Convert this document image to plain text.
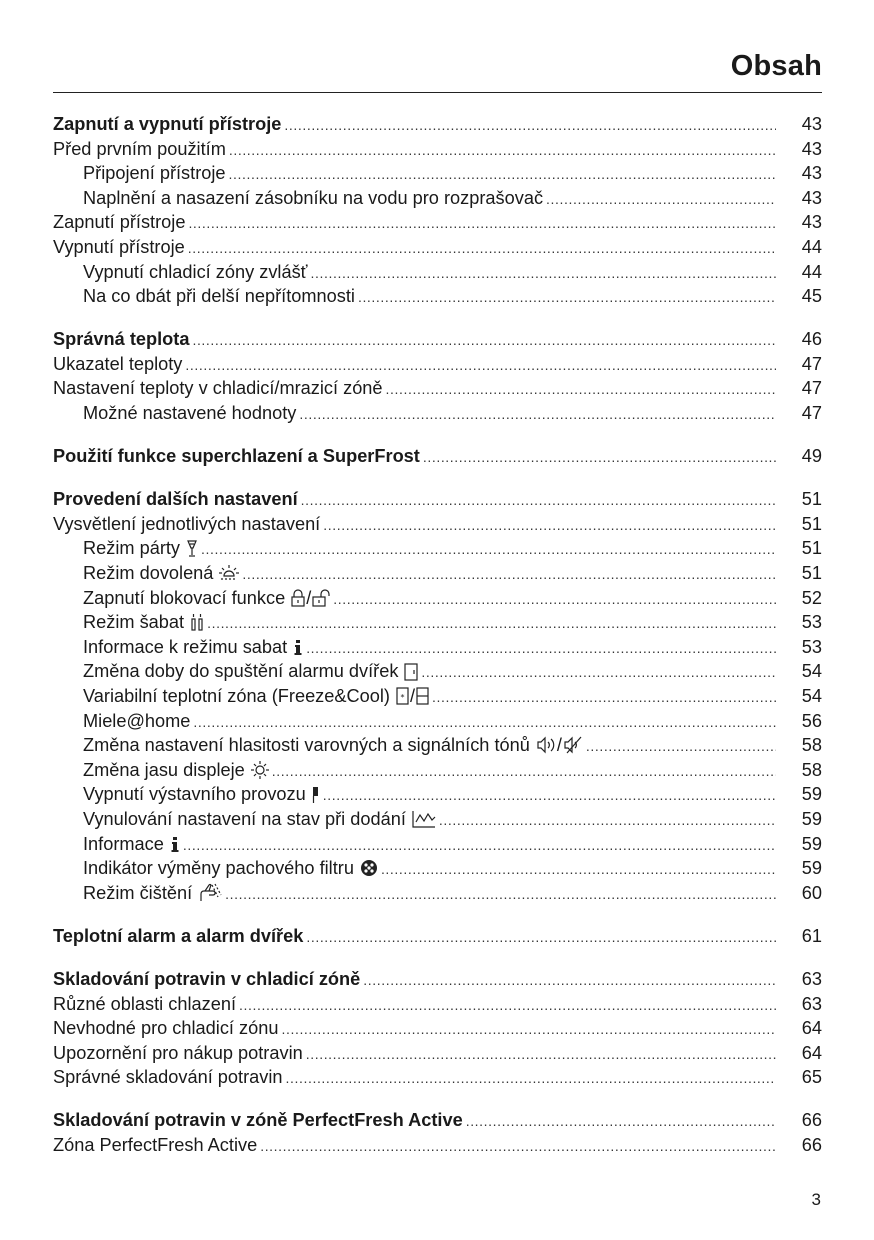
Obsah
Zapnutí a vypnutí přístroje .....	43
Před prvním použitím .....	43
Připojení přístroje .....	43
Naplnění a nasazení zásobníku na vodu pro rozprašovač .....	43
Zapnutí přístroje .....	43
Vypnutí přístroje .....	44
Vypnutí chladicí zóny zvlášť .....	44
Na co dbát při delší nepřítomnosti .....	45
Správná teplota .....	46
Ukazatel teploty .....	47
Nastavení teploty v chladicí/mrazicí zóně .....	47
Možné nastavené hodnoty .....	47
Použití funkce superchlazení a SuperFrost .....	49
Provedení dalších nastavení .....	51
Vysvětlení jednotlivých nastavení .....	51
Režim párty .....	51
Režim dovolená .....	51
Zapnutí blokovací funkce / .....	52
Režim šabat .....	53
Informace k režimu sabat .....	53
Změna doby do spuštění alarmu dvířek .....	54
Variabilní teplotní zóna (Freeze&Cool) * / .....	54
Miele@home .....	56
Změna nastavení hlasitosti varovných a signálních tónů / .....	58
Změna jasu displeje .....	58
Vypnutí výstavního provozu .....	59
Vynulování nastavení na stav při dodání .....	59
Informace .....	59
Indikátor výměny pachového filtru .....	59
Režim čištění .....	60
Teplotní alarm a alarm dvířek .....	61
Skladování potravin v chladicí zóně .....	63
Různé oblasti chlazení .....	63
Nevhodné pro chladicí zónu .....	64
Upozornění pro nákup potravin .....	64
Správné skladování potravin .....	65
Skladování potravin v zóně PerfectFresh Active .....	66
Zóna PerfectFresh Active .....	66
3
